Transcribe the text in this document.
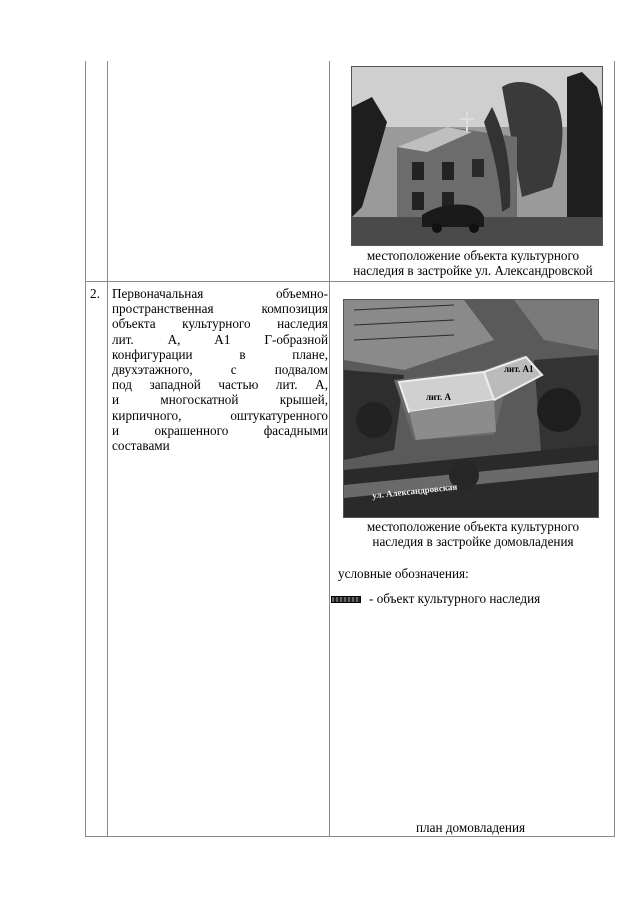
местоположение объекта культурного
наследия в застройке ул. Александровской
2. Первоначальная объемно-
пространственная композиция
объекта культурного наследия
лит. А, А1 Г-образной
конфигурации в плане,
двухэтажного, с подвалом
под западной частью лит. А,
и многоскатной крышей,
кирпичного, оштукатуренного
и окрашенного фасадными
составами
лит. А1
лит. А
ул. Александровская
местоположение объекта культурного
наследия в застройке домовладения
условные обозначения:
- объект культурного наследия
план домовладения
